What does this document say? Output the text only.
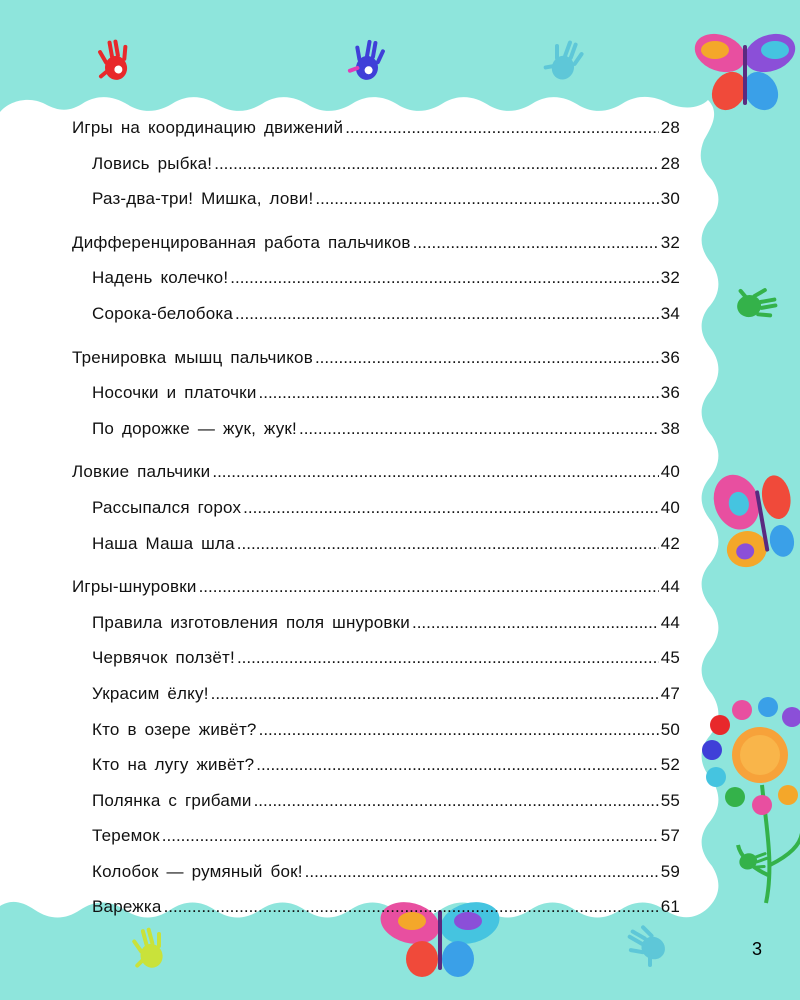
Игры на координацию движений .....	28
Ловись рыбка! .....	28
Раз-два-три! Мишка, лови! .....	30
Дифференцированная работа пальчиков .....	32
Надень колечко! .....	32
Сорока-белобока .....	34
Тренировка мышц пальчиков .....	36
Носочки и платочки .....	36
По дорожке — жук, жук! .....	38
Ловкие пальчики .....	40
Рассыпался горох .....	40
Наша Маша шла .....	42
Игры-шнуровки .....	44
Правила изготовления поля шнуровки .....	44
Червячок ползёт! .....	45
Украсим ёлку! .....	47
Кто в озере живёт? .....	50
Кто на лугу живёт? .....	52
Полянка с грибами .....	55
Теремок .....	57
Колобок — румяный бок! .....	59
Варежка .....	61
3
